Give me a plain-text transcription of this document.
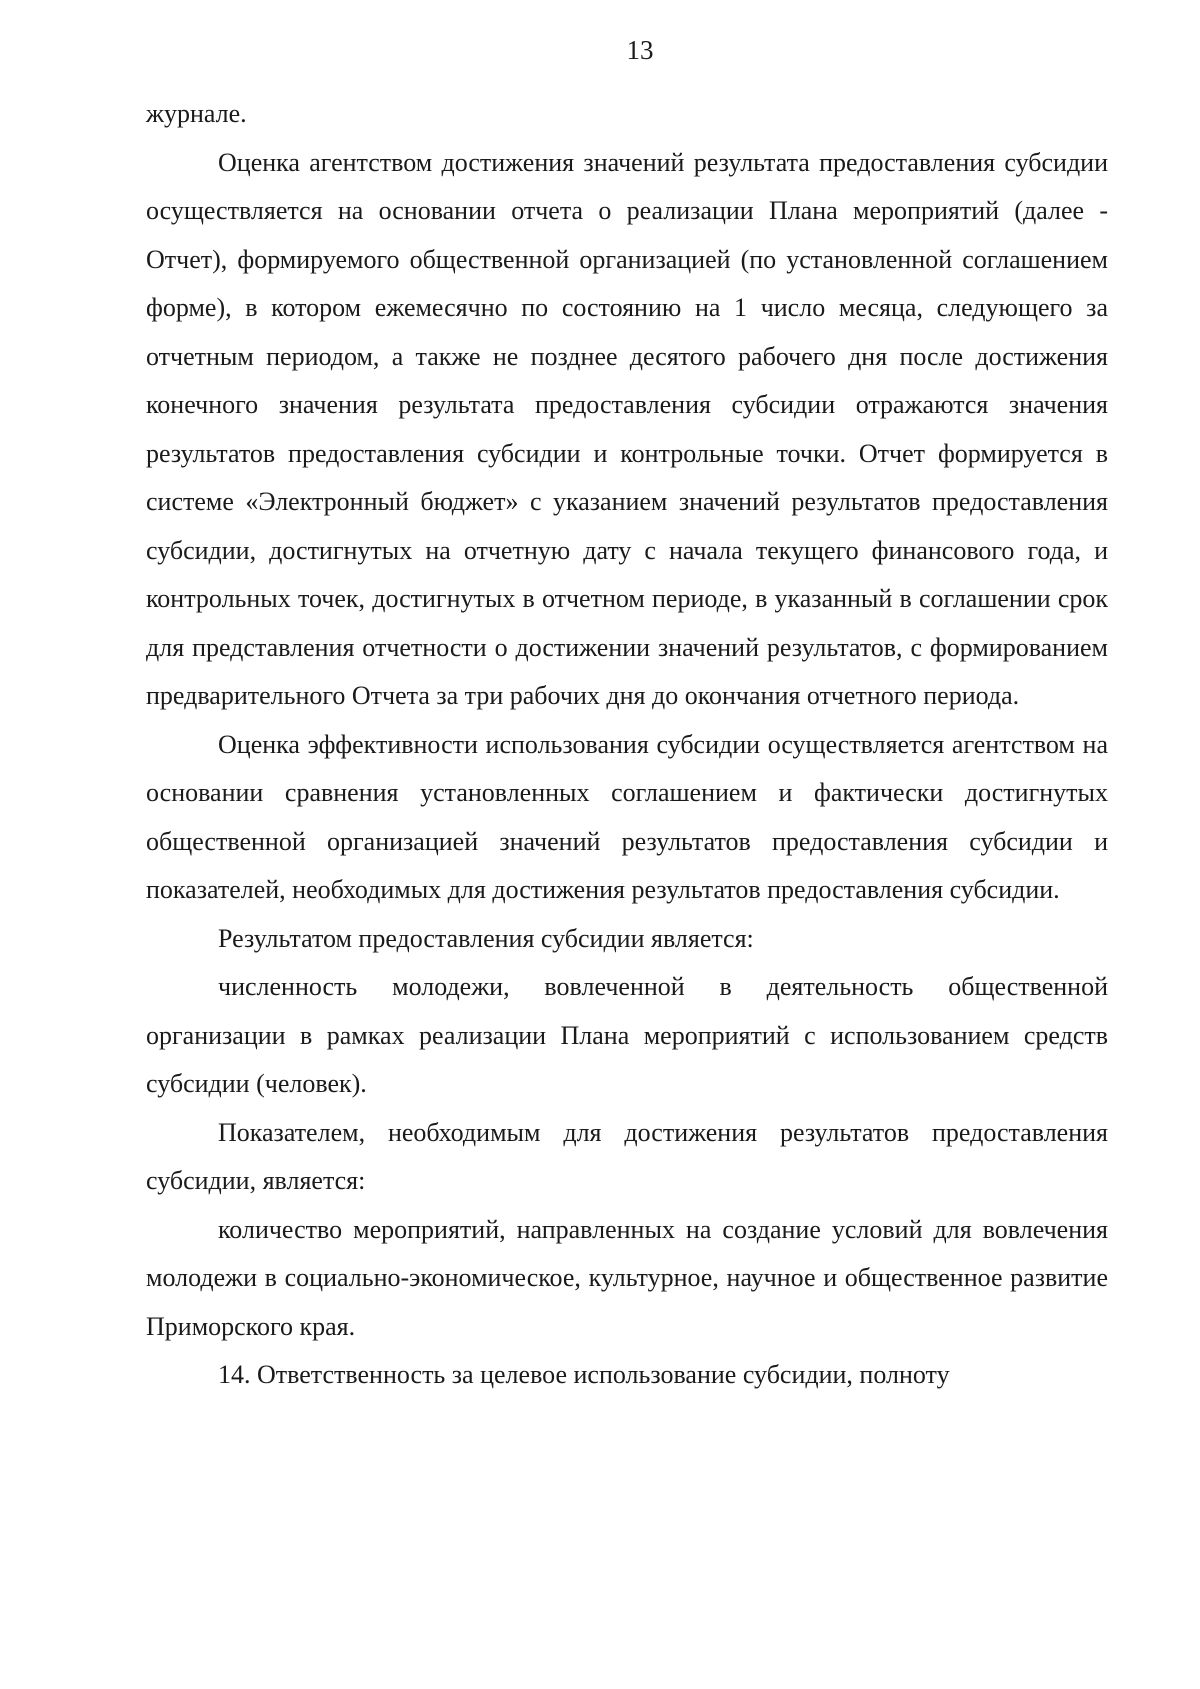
13

журнале.

Оценка агентством достижения значений результата предоставления субсидии осуществляется на основании отчета о реализации Плана мероприятий (далее - Отчет), формируемого общественной организацией (по установленной соглашением форме), в котором ежемесячно по состоянию на 1 число месяца, следующего за отчетным периодом, а также не позднее десятого рабочего дня после достижения конечного значения результата предоставления субсидии отражаются значения результатов предоставления субсидии и контрольные точки. Отчет формируется в системе «Электронный бюджет» с указанием значений результатов предоставления субсидии, достигнутых на отчетную дату с начала текущего финансового года, и контрольных точек, достигнутых в отчетном периоде, в указанный в соглашении срок для представления отчетности о достижении значений результатов, с формированием предварительного Отчета за три рабочих дня до окончания отчетного периода.

Оценка эффективности использования субсидии осуществляется агентством на основании сравнения установленных соглашением и фактически достигнутых общественной организацией значений результатов предоставления субсидии и показателей, необходимых для достижения результатов предоставления субсидии.

Результатом предоставления субсидии является:

численность молодежи, вовлеченной в деятельность общественной организации в рамках реализации Плана мероприятий с использованием средств субсидии (человек).

Показателем, необходимым для достижения результатов предоставления субсидии, является:

количество мероприятий, направленных на создание условий для вовлечения молодежи в социально-экономическое, культурное, научное и общественное развитие Приморского края.

14. Ответственность за целевое использование субсидии, полноту
